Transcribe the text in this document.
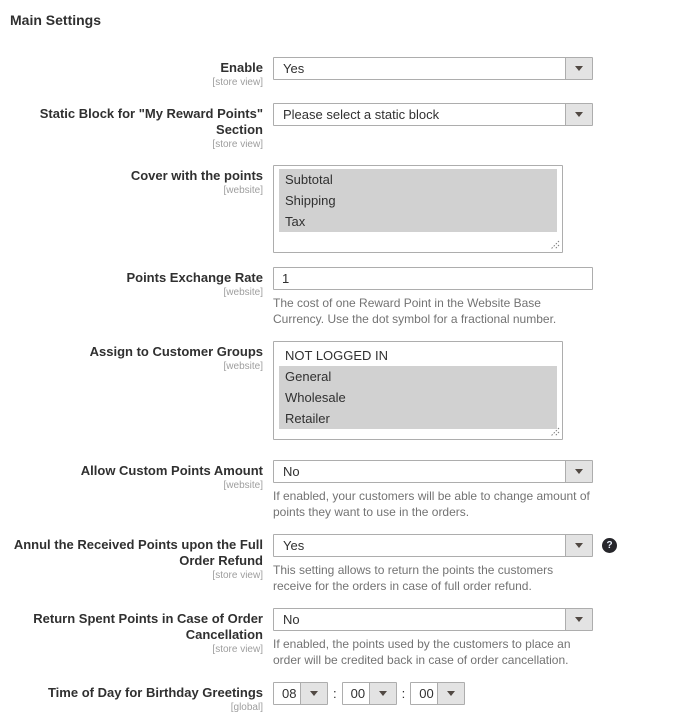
Main Settings
Enable
[store view]
Yes
Static Block for "My Reward Points" Section
[store view]
Please select a static block
Cover with the points
[website]
Subtotal
Shipping
Tax
Points Exchange Rate
[website]
1
The cost of one Reward Point in the Website Base Currency. Use the dot symbol for a fractional number.
Assign to Customer Groups
[website]
NOT LOGGED IN
General
Wholesale
Retailer
Allow Custom Points Amount
[website]
No
If enabled, your customers will be able to change amount of points they want to use in the orders.
Annul the Received Points upon the Full Order Refund
[store view]
Yes	?
This setting allows to return the points the customers receive for the orders in case of full order refund.
Return Spent Points in Case of Order Cancellation
[store view]
No
If enabled, the points used by the customers to place an order will be credited back in case of order cancellation.
Time of Day for Birthday Greetings
[global]
08	:	00	:	00
